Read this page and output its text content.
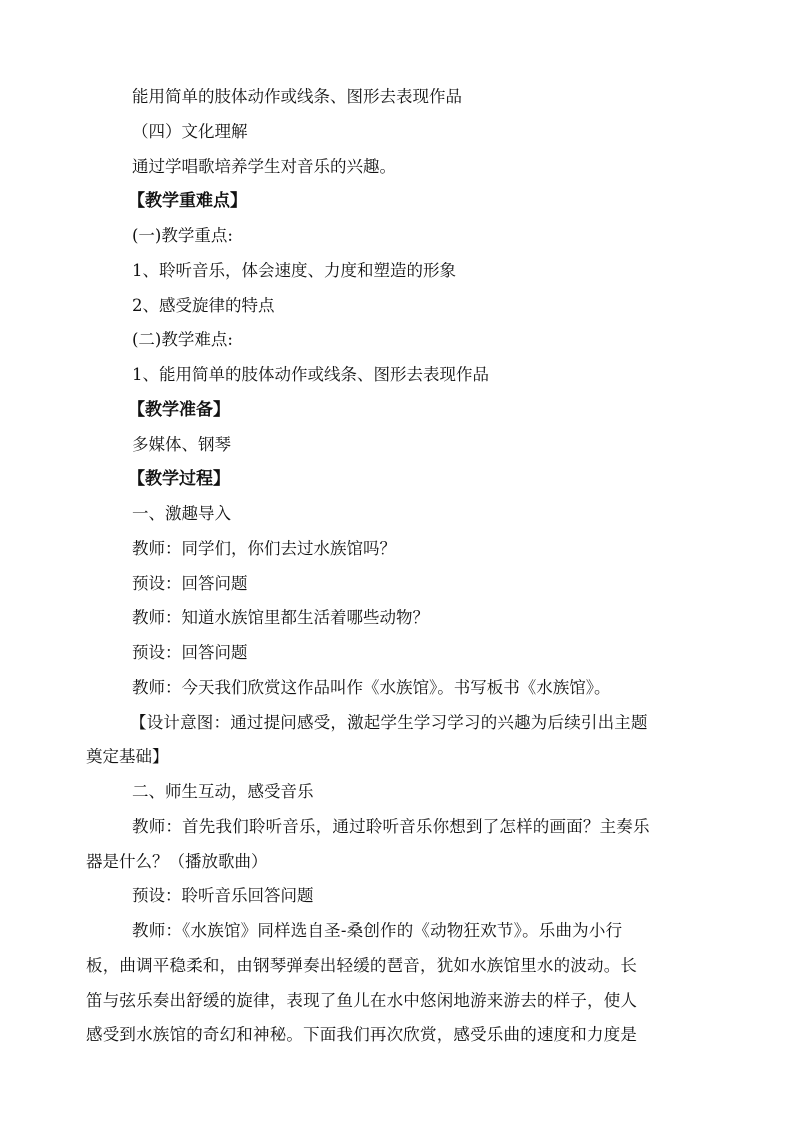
能用简单的肢体动作或线条、图形去表现作品
（四）文化理解
通过学唱歌培养学生对音乐的兴趣。
【教学重难点】
(一)教学重点:
1、聆听音乐，体会速度、力度和塑造的形象
2、感受旋律的特点
(二)教学难点:
1、能用简单的肢体动作或线条、图形去表现作品
【教学准备】
多媒体、钢琴
【教学过程】
一、激趣导入
教师：同学们，你们去过水族馆吗？
预设：回答问题
教师：知道水族馆里都生活着哪些动物？
预设：回答问题
教师：今天我们欣赏这作品叫作《水族馆》。书写板书《水族馆》。
【设计意图：通过提问感受，激起学生学习学习的兴趣为后续引出主题
奠定基础】
二、师生互动，感受音乐
教师：首先我们聆听音乐，通过聆听音乐你想到了怎样的画面？主奏乐
器是什么？（播放歌曲）
预设：聆听音乐回答问题
教师：《水族馆》同样选自圣-桑创作的《动物狂欢节》。乐曲为小行
板，曲调平稳柔和，由钢琴弹奏出轻缓的琶音，犹如水族馆里水的波动。长
笛与弦乐奏出舒缓的旋律，表现了鱼儿在水中悠闲地游来游去的样子，使人
感受到水族馆的奇幻和神秘。下面我们再次欣赏，感受乐曲的速度和力度是
